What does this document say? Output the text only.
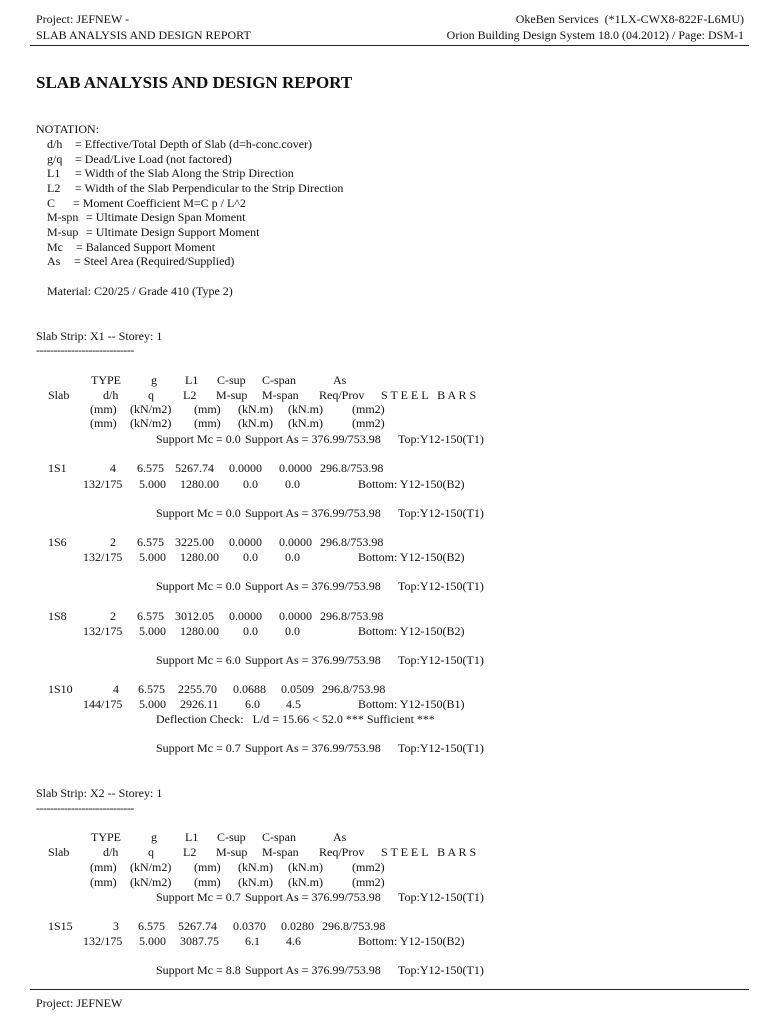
Project: JEFNEW -
SLAB ANALYSIS AND DESIGN REPORT
OkeBen Services  (*1LX-CWX8-822F-L6MU)
Orion Building Design System 18.0 (04.2012) / Page: DSM-1
SLAB ANALYSIS AND DESIGN REPORT
NOTATION:
d/h = Effective/Total Depth of Slab (d=h-conc.cover)
g/q = Dead/Live Load (not factored)
L1 = Width of the Slab Along the Strip Direction
L2 = Width of the Slab Perpendicular to the Strip Direction
C = Moment Coefficient M=C p / L^2
M-spn = Ultimate Design Span Moment
M-sup = Ultimate Design Support Moment
Mc = Balanced Support Moment
As = Steel Area (Required/Supplied)
Material: C20/25 / Grade 410 (Type 2)
Slab Strip: X1 -- Storey: 1
----------------------------
TYPE	g L1 C-sup C-span	As
Slab	d/h q L2 M-sup M-span Req/Prov S T E E L   B A R S
(mm) (kN/m2) (mm) (kN.m) (kN.m) (mm2)
(mm) (kN/m2) (mm) (kN.m) (kN.m) (mm2)
Support Mc = 0.0 Support As = 376.99/753.98 Top:Y12-150(T1)
1S1	4 6.575 5267.74 0.0000 0.0000 296.8/753.98
132/175 5.000 1280.00 0.0 0.0	Bottom: Y12-150(B2)
Support Mc = 0.0 Support As = 376.99/753.98 Top:Y12-150(T1)
1S6	2 6.575 3225.00 0.0000 0.0000 296.8/753.98
132/175 5.000 1280.00 0.0 0.0	Bottom: Y12-150(B2)
Support Mc = 0.0 Support As = 376.99/753.98 Top:Y12-150(T1)
1S8	2 6.575 3012.05 0.0000 0.0000 296.8/753.98
132/175 5.000 1280.00 0.0 0.0	Bottom: Y12-150(B2)
Support Mc = 6.0 Support As = 376.99/753.98 Top:Y12-150(T1)
1S10	4 6.575 2255.70 0.0688 0.0509 296.8/753.98
144/175 5.000 2926.11 6.0 4.5	Bottom: Y12-150(B1)
Deflection Check:   L/d = 15.66 < 52.0 *** Sufficient ***
Support Mc = 0.7 Support As = 376.99/753.98 Top:Y12-150(T1)
Slab Strip: X2 -- Storey: 1
----------------------------
TYPE	g L1 C-sup C-span	As
Slab	d/h q L2 M-sup M-span Req/Prov S T E E L   B A R S
(mm) (kN/m2) (mm) (kN.m) (kN.m) (mm2)
(mm) (kN/m2) (mm) (kN.m) (kN.m) (mm2)
Support Mc = 0.7 Support As = 376.99/753.98 Top:Y12-150(T1)
1S15	3 6.575 5267.74 0.0370 0.0280 296.8/753.98
132/175 5.000 3087.75 6.1 4.6	Bottom: Y12-150(B2)
Support Mc = 8.8 Support As = 376.99/753.98 Top:Y12-150(T1)
Project: JEFNEW
